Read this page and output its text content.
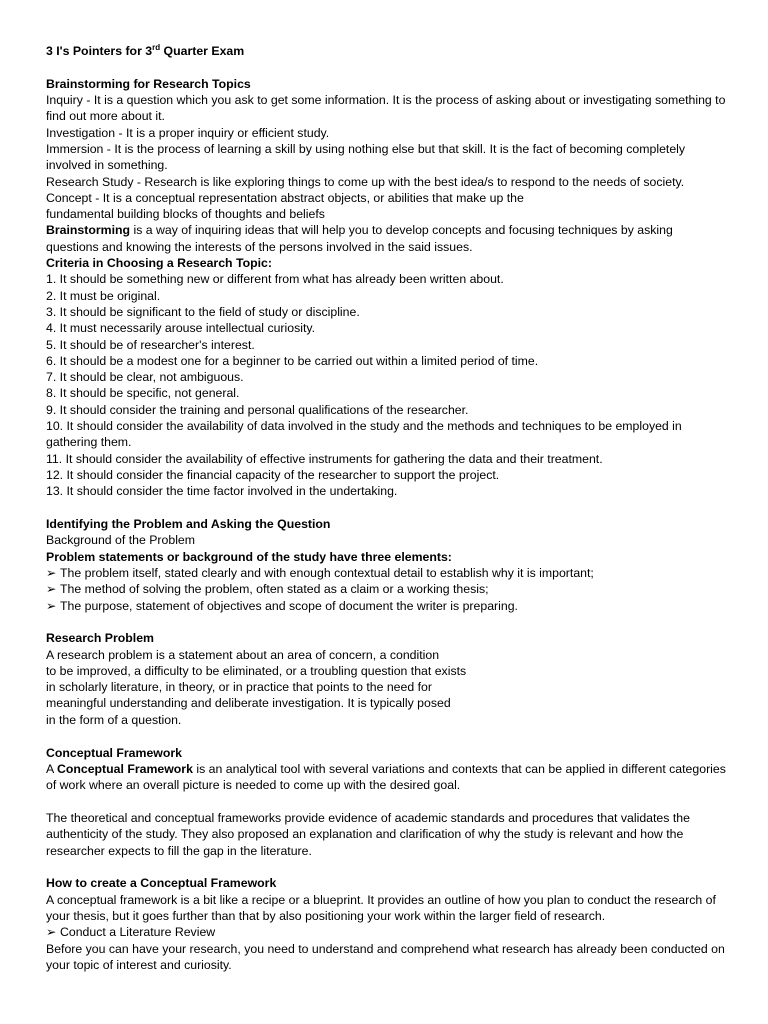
3 I's Pointers for 3rd Quarter Exam
Brainstorming for Research Topics
Inquiry - It is a question which you ask to get some information. It is the process of asking about or investigating something to find out more about it.
Investigation - It is a proper inquiry or efficient study.
Immersion - It is the process of learning a skill by using nothing else but that skill. It is the fact of becoming completely involved in something.
Research Study - Research is like exploring things to come up with the best idea/s to respond to the needs of society.
Concept - It is a conceptual representation abstract objects, or abilities that make up the
fundamental building blocks of thoughts and beliefs
Brainstorming is a way of inquiring ideas that will help you to develop concepts and focusing techniques by asking questions and knowing the interests of the persons involved in the said issues.
Criteria in Choosing a Research Topic:
1. It should be something new or different from what has already been written about.
2. It must be original.
3. It should be significant to the field of study or discipline.
4. It must necessarily arouse intellectual curiosity.
5. It should be of researcher's interest.
6. It should be a modest one for a beginner to be carried out within a limited period of time.
7. It should be clear, not ambiguous.
8. It should be specific, not general.
9. It should consider the training and personal qualifications of the researcher.
10. It should consider the availability of data involved in the study and the methods and techniques to be employed in gathering them.
11. It should consider the availability of effective instruments for gathering the data and their treatment.
12. It should consider the financial capacity of the researcher to support the project.
13. It should consider the time factor involved in the undertaking.
Identifying the Problem and Asking the Question
Background of the Problem
Problem statements or background of the study have three elements:
➢ The problem itself, stated clearly and with enough contextual detail to establish why it is important;
➢ The method of solving the problem, often stated as a claim or a working thesis;
➢ The purpose, statement of objectives and scope of document the writer is preparing.
Research Problem
A research problem is a statement about an area of concern, a condition
to be improved, a difficulty to be eliminated, or a troubling question that exists
in scholarly literature, in theory, or in practice that points to the need for
meaningful understanding and deliberate investigation. It is typically posed
in the form of a question.
Conceptual Framework
A Conceptual Framework is an analytical tool with several variations and contexts that can be applied in different categories of work where an overall picture is needed to come up with the desired goal.
The theoretical and conceptual frameworks provide evidence of academic standards and procedures that validates the authenticity of the study. They also proposed an explanation and clarification of why the study is relevant and how the researcher expects to fill the gap in the literature.
How to create a Conceptual Framework
A conceptual framework is a bit like a recipe or a blueprint. It provides an outline of how you plan to conduct the research of your thesis, but it goes further than that by also positioning your work within the larger field of research.
➢ Conduct a Literature Review
Before you can have your research, you need to understand and comprehend what research has already been conducted on your topic of interest and curiosity.
